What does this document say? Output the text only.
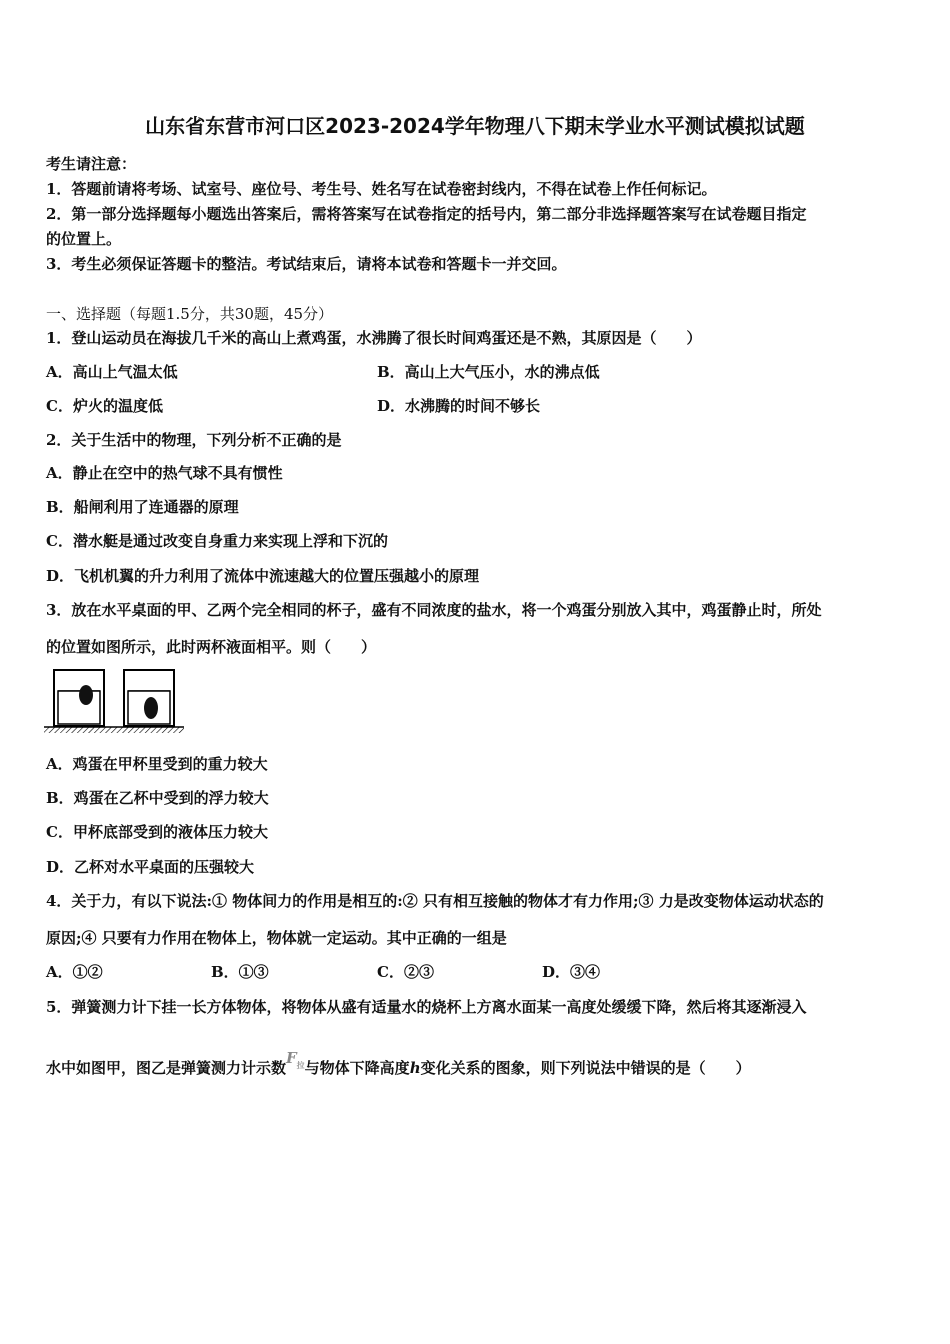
山东省东营市河口区2023-2024学年物理八下期末学业水平测试模拟试题
考生请注意：
1．答题前请将考场、试室号、座位号、考生号、姓名写在试卷密封线内，不得在试卷上作任何标记。
2．第一部分选择题每小题选出答案后，需将答案写在试卷指定的括号内，第二部分非选择题答案写在试卷题目指定
的位置上。
3．考生必须保证答题卡的整洁。考试结束后，请将本试卷和答题卡一并交回。
一、选择题（每题1.5分，共30题，45分）
1．登山运动员在海拔几千米的高山上煮鸡蛋，水沸腾了很长时间鸡蛋还是不熟，其原因是（　　）
A．高山上气温太低	B．高山上大气压小，水的沸点低
C．炉火的温度低	D．水沸腾的时间不够长
2．关于生活中的物理，下列分析不正确的是
A．静止在空中的热气球不具有惯性
B．船闸利用了连通器的原理
C．潜水艇是通过改变自身重力来实现上浮和下沉的
D．飞机机翼的升力利用了流体中流速越大的位置压强越小的原理
3．放在水平桌面的甲、乙两个完全相同的杯子，盛有不同浓度的盐水，将一个鸡蛋分别放入其中，鸡蛋静止时，所处
的位置如图所示，此时两杯液面相平。则（　　）
A．鸡蛋在甲杯里受到的重力较大
B．鸡蛋在乙杯中受到的浮力较大
C．甲杯底部受到的液体压力较大
D．乙杯对水平桌面的压强较大
4．关于力，有以下说法:① 物体间力的作用是相互的:② 只有相互接触的物体才有力作用;③ 力是改变物体运动状态的
原因;④ 只要有力作用在物体上，物体就一定运动。其中正确的一组是
A．①②	B．①③	C．②③	D．③④
5．弹簧测力计下挂一长方体物体，将物体从盛有适量水的烧杯上方离水面某一高度处缓缓下降，然后将其逐渐浸入
水中如图甲，图乙是弹簧测力计示数$F^拉$与物体下降高度h变化关系的图象，则下列说法中错误的是（　　）
